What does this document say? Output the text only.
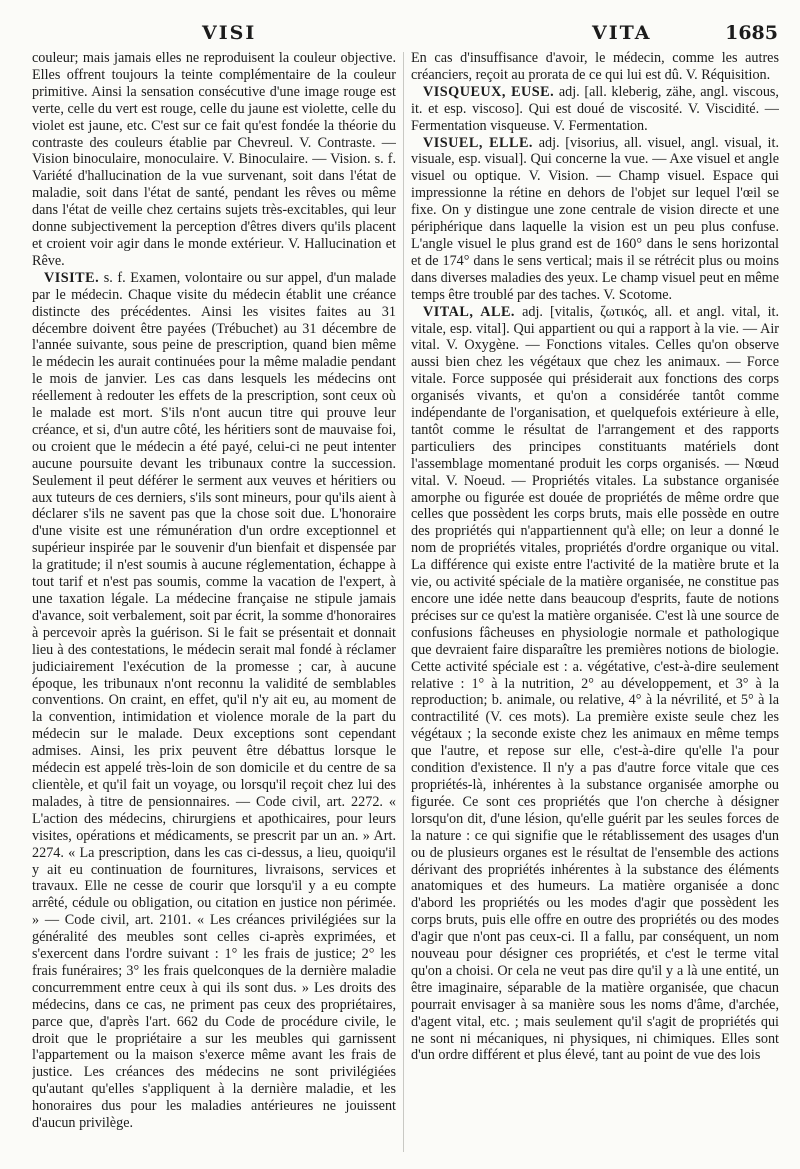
VISI	VITA	1685

couleur; mais jamais elles ne reproduisent la couleur objective. Elles offrent toujours la teinte complémentaire de la couleur primitive. Ainsi la sensation consécutive d'une image rouge est verte, celle du vert est rouge, celle du jaune est violette, celle du violet est jaune, etc. C'est sur ce fait qu'est fondée la théorie du contraste des couleurs établie par Chevreul. V. Contraste. — Vision binoculaire, monoculaire. V. Binoculaire. — Vision. s. f. Variété d'hallucination de la vue survenant, soit dans l'état de maladie, soit dans l'état de santé, pendant les rêves ou même dans l'état de veille chez certains sujets très-excitables, qui leur donne subjectivement la perception d'êtres divers qu'ils placent et croient voir agir dans le monde extérieur. V. Hallucination et Rêve.

VISITE. s. f. Examen, volontaire ou sur appel, d'un malade par le médecin. Chaque visite du médecin établit une créance distincte des précédentes. Ainsi les visites faites au 31 décembre doivent être payées (Trébuchet) au 31 décembre de l'année suivante, sous peine de prescription, quand bien même le médecin les aurait continuées pour la même maladie pendant le mois de janvier. Les cas dans lesquels les médecins ont réellement à redouter les effets de la prescription, sont ceux où le malade est mort. S'ils n'ont aucun titre qui prouve leur créance, et si, d'un autre côté, les héritiers sont de mauvaise foi, ou croient que le médecin a été payé, celui-ci ne peut intenter aucune poursuite devant les tribunaux contre la succession. Seulement il peut déférer le serment aux veuves et héritiers ou aux tuteurs de ces derniers, s'ils sont mineurs, pour qu'ils aient à déclarer s'ils ne savent pas que la chose soit due. L'honoraire d'une visite est une rémunération d'un ordre exceptionnel et supérieur inspirée par le souvenir d'un bienfait et dispensée par la gratitude; il n'est soumis à aucune réglementation, échappe à tout tarif et n'est pas soumis, comme la vacation de l'expert, à une taxation légale. La médecine française ne stipule jamais d'avance, soit verbalement, soit par écrit, la somme d'honoraires à percevoir après la guérison. Si le fait se présentait et donnait lieu à des contestations, le médecin serait mal fondé à réclamer judiciairement l'exécution de la promesse ; car, à aucune époque, les tribunaux n'ont reconnu la validité de semblables conventions. On craint, en effet, qu'il n'y ait eu, au moment de la convention, intimidation et violence morale de la part du médecin sur le malade. Deux exceptions sont cependant admises. Ainsi, les prix peuvent être débattus lorsque le médecin est appelé très-loin de son domicile et du centre de sa clientèle, et qu'il fait un voyage, ou lorsqu'il reçoit chez lui des malades, à titre de pensionnaires. — Code civil, art. 2272. « L'action des médecins, chirurgiens et apothicaires, pour leurs visites, opérations et médicaments, se prescrit par un an. » Art. 2274. « La prescription, dans les cas ci-dessus, a lieu, quoiqu'il y ait eu continuation de fournitures, livraisons, services et travaux. Elle ne cesse de courir que lorsqu'il y a eu compte arrêté, cédule ou obligation, ou citation en justice non périmée. » — Code civil, art. 2101. « Les créances privilégiées sur la généralité des meubles sont celles ci-après exprimées, et s'exercent dans l'ordre suivant : 1° les frais de justice; 2° les frais funéraires; 3° les frais quelconques de la dernière maladie concurremment entre ceux à qui ils sont dus. » Les droits des médecins, dans ce cas, ne priment pas ceux des propriétaires, parce que, d'après l'art. 662 du Code de procédure civile, le droit que le propriétaire a sur les meubles qui garnissent l'appartement ou la maison s'exerce même avant les frais de justice. Les créances des médecins ne sont privilégiées qu'autant qu'elles s'appliquent à la dernière maladie, et les honoraires dus pour les maladies antérieures ne jouissent d'aucun privilège.

En cas d'insuffisance d'avoir, le médecin, comme les autres créanciers, reçoit au prorata de ce qui lui est dû. V. Réquisition.

VISQUEUX, EUSE. adj. [all. kleberig, zähe, angl. viscous, it. et esp. viscoso]. Qui est doué de viscosité. V. Viscidité. — Fermentation visqueuse. V. Fermentation.

VISUEL, ELLE. adj. [visorius, all. visuel, angl. visual, it. visuale, esp. visual]. Qui concerne la vue. — Axe visuel et angle visuel ou optique. V. Vision. — Champ visuel. Espace qui impressionne la rétine en dehors de l'objet sur lequel l'œil se fixe. On y distingue une zone centrale de vision directe et une périphérique dans laquelle la vision est un peu plus confuse. L'angle visuel le plus grand est de 160° dans le sens horizontal et de 174° dans le sens vertical; mais il se rétrécit plus ou moins dans diverses maladies des yeux. Le champ visuel peut en même temps être troublé par des taches. V. Scotome.

VITAL, ALE. adj. [vitalis, ζωτικός, all. et angl. vital, it. vitale, esp. vital]. Qui appartient ou qui a rapport à la vie. — Air vital. V. Oxygène. — Fonctions vitales. Celles qu'on observe aussi bien chez les végétaux que chez les animaux. — Force vitale. Force supposée qui présiderait aux fonctions des corps organisés vivants, et qu'on a considérée tantôt comme indépendante de l'organisation, et quelquefois extérieure à elle, tantôt comme le résultat de l'arrangement et des rapports particuliers des principes constituants matériels dont l'assemblage momentané produit les corps organisés. — Nœud vital. V. Noeud. — Propriétés vitales. La substance organisée amorphe ou figurée est douée de propriétés de même ordre que celles que possèdent les corps bruts, mais elle possède en outre des propriétés qui n'appartiennent qu'à elle; on leur a donné le nom de propriétés vitales, propriétés d'ordre organique ou vital. La différence qui existe entre l'activité de la matière brute et la vie, ou activité spéciale de la matière organisée, ne constitue pas encore une idée nette dans beaucoup d'esprits, faute de notions précises sur ce qu'est la matière organisée. C'est là une source de confusions fâcheuses en physiologie normale et pathologique que devraient faire disparaître les premières notions de biologie. Cette activité spéciale est : a. végétative, c'est-à-dire seulement relative : 1° à la nutrition, 2° au développement, et 3° à la reproduction; b. animale, ou relative, 4° à la névrilité, et 5° à la contractilité (V. ces mots). La première existe seule chez les végétaux ; la seconde existe chez les animaux en même temps que l'autre, et repose sur elle, c'est-à-dire qu'elle l'a pour condition d'existence. Il n'y a pas d'autre force vitale que ces propriétés-là, inhérentes à la substance organisée amorphe ou figurée. Ce sont ces propriétés que l'on cherche à désigner lorsqu'on dit, d'une lésion, qu'elle guérit par les seules forces de la nature : ce qui signifie que le rétablissement des usages d'un ou de plusieurs organes est le résultat de l'ensemble des actions dérivant des propriétés inhérentes à la substance des éléments anatomiques et des humeurs. La matière organisée a donc d'abord les propriétés ou les modes d'agir que possèdent les corps bruts, puis elle offre en outre des propriétés ou des modes d'agir que n'ont pas ceux-ci. Il a fallu, par conséquent, un nom nouveau pour désigner ces propriétés, et c'est le terme vital qu'on a choisi. Or cela ne veut pas dire qu'il y a là une entité, un être imaginaire, séparable de la matière organisée, que chacun pourrait envisager à sa manière sous les noms d'âme, d'archée, d'agent vital, etc. ; mais seulement qu'il s'agit de propriétés qui ne sont ni mécaniques, ni physiques, ni chimiques. Elles sont d'un ordre différent et plus élevé, tant au point de vue des lois
